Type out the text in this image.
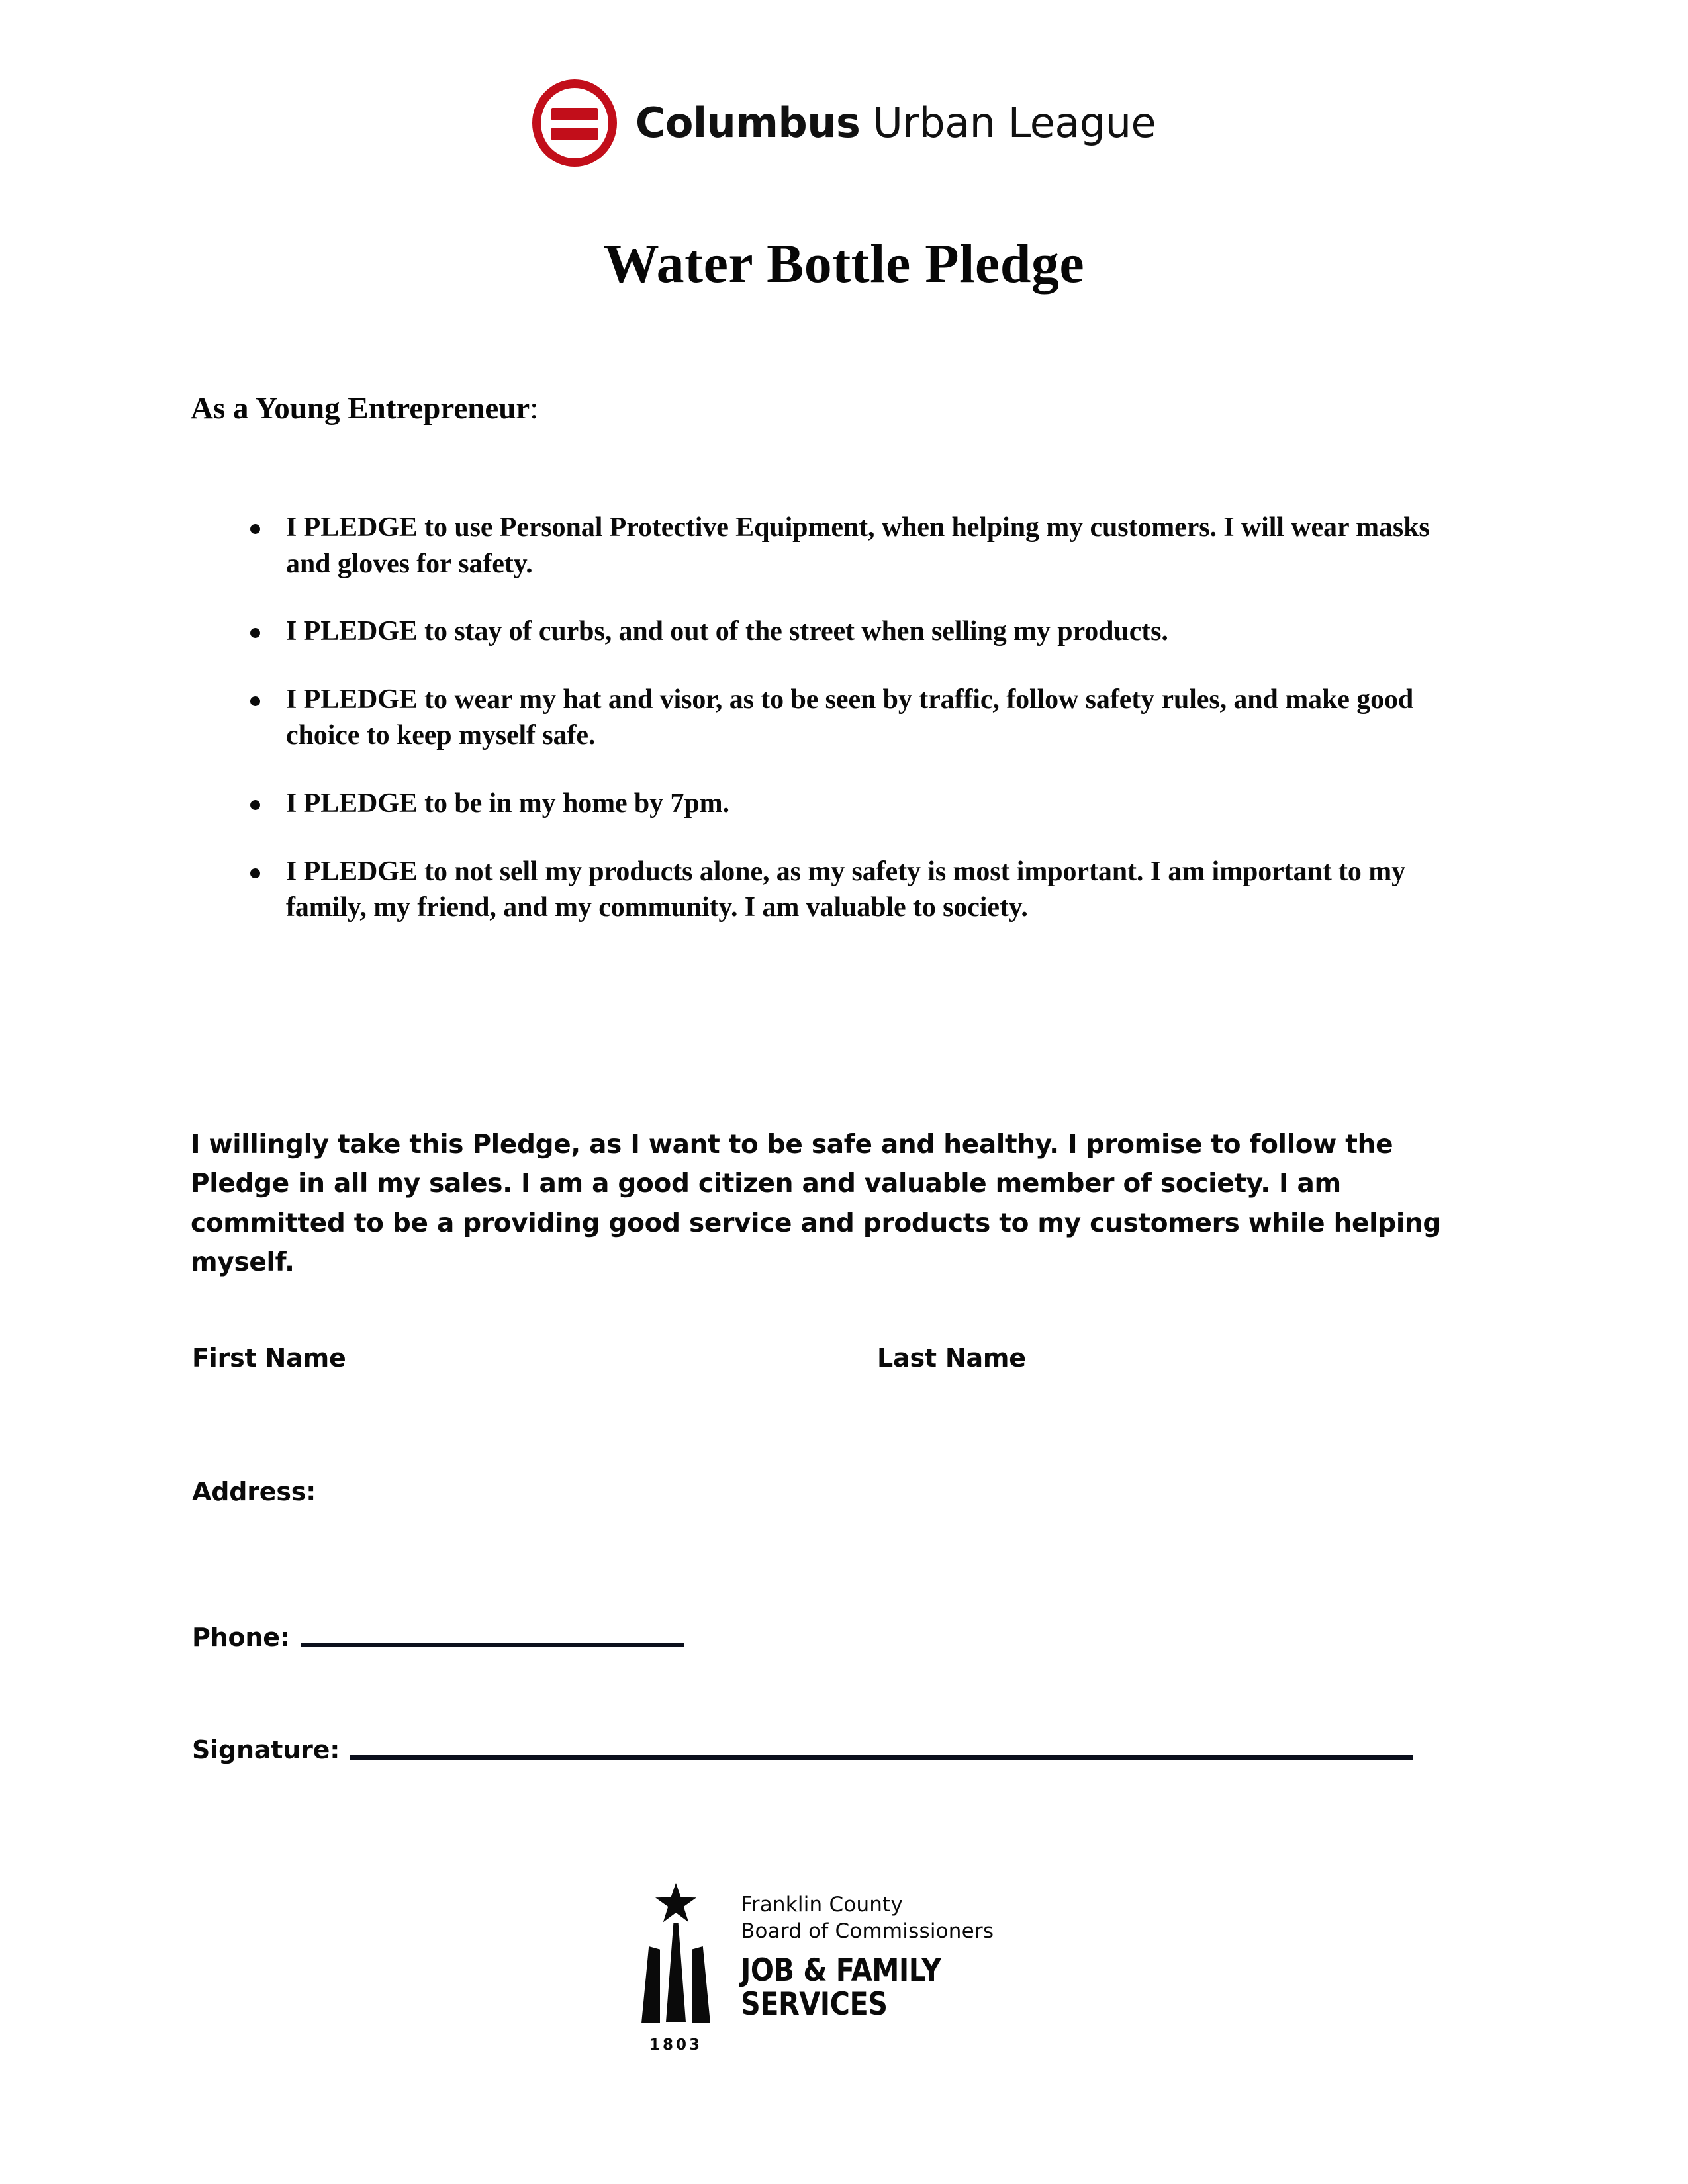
Columbus Urban League
Water Bottle Pledge
As a Young Entrepreneur:
I PLEDGE to use Personal Protective Equipment, when helping my customers. I will wear masks and gloves for safety.
I PLEDGE to stay of curbs, and out of the street when selling my products.
I PLEDGE to wear my hat and visor, as to be seen by traffic, follow safety rules, and make good choice to keep myself safe.
I PLEDGE to be in my home by 7pm.
I PLEDGE to not sell my products alone, as my safety is most important. I am important to my family, my friend, and my community. I am valuable to society.
I willingly take this Pledge, as I want to be safe and healthy. I promise to follow the Pledge in all my sales. I am a good citizen and valuable member of society. I am committed to be a providing good service and products to my customers while helping myself.
First Name	Last Name
Address:
Phone:
Signature:
1803
Franklin County
Board of Commissioners
JOB & FAMILY
SERVICES
